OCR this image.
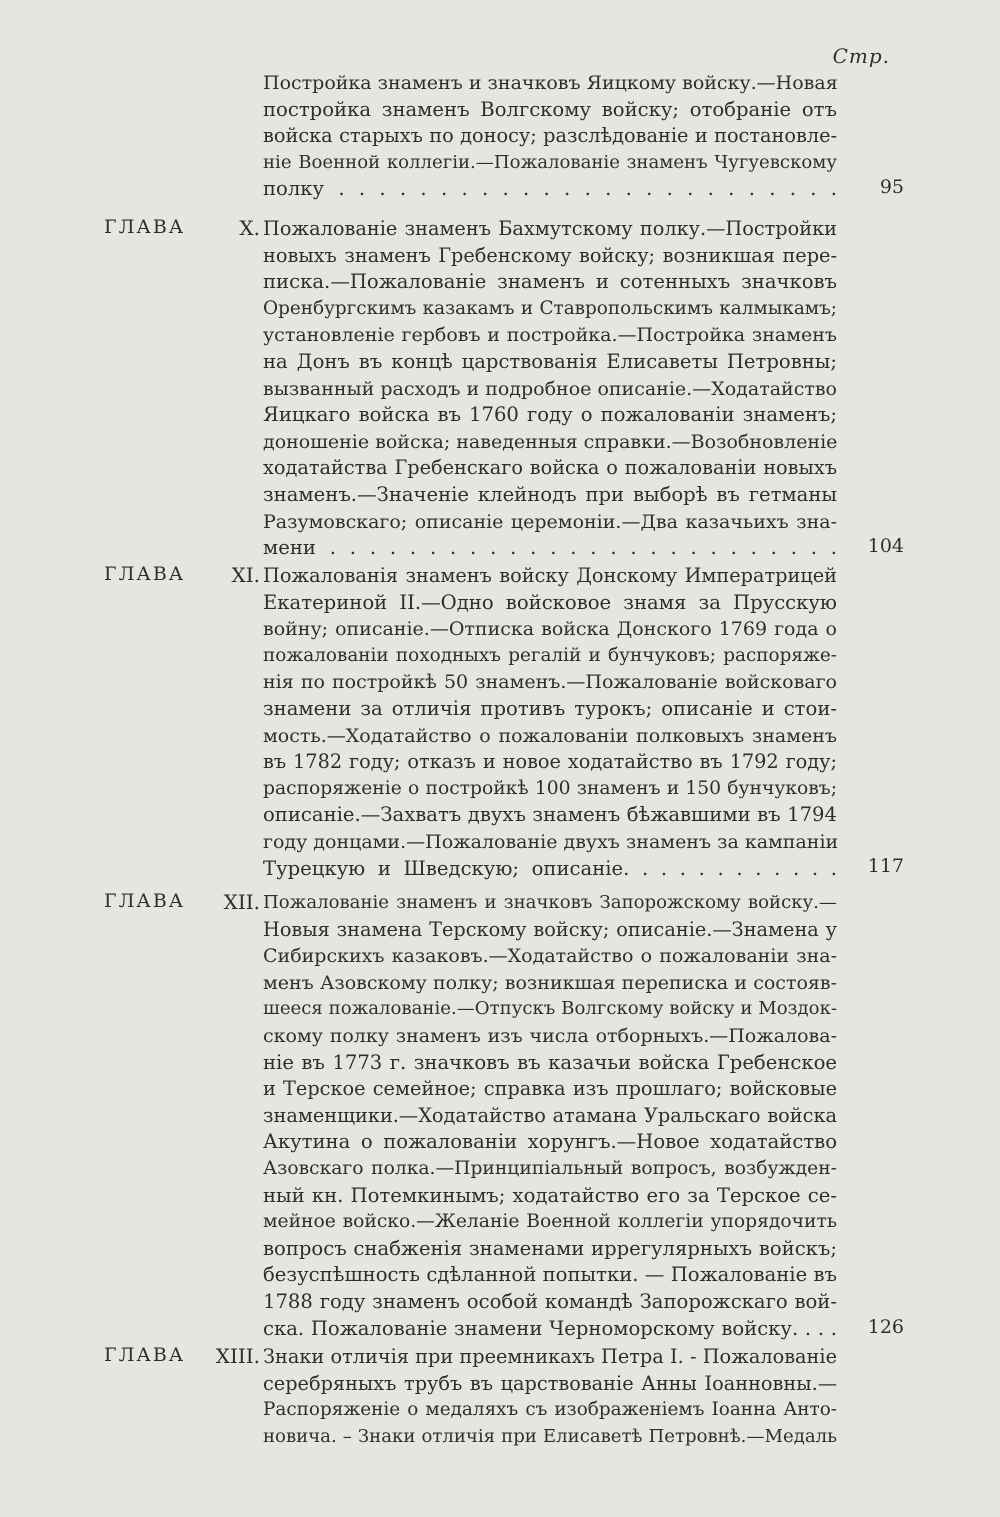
Стр.
Постройка знаменъ и значковъ Яицкому войску.—Новая
постройка знаменъ Волгскому войску; отобраніе отъ
войска старыхъ по доносу; разслѣдованіе и постановле-
ніе Военной коллегіи.—Пожалованіе знаменъ Чугуевскому
полку . . . . . . . . . . . . . . . . . . . . . . . . .	95
ГЛАВА	X. Пожалованіе знаменъ Бахмутскому полку.—Постройки
новыхъ знаменъ Гребенскому войску; возникшая пере-
писка.—Пожалованіе знаменъ и сотенныхъ значковъ
Оренбургскимъ казакамъ и Ставропольскимъ калмыкамъ;
установленіе гербовъ и постройка.—Постройка знаменъ
на Донъ въ концѣ царствованія Елисаветы Петровны;
вызванный расходъ и подробное описаніе.—Ходатайство
Яицкаго войска въ 1760 году о пожалованіи знаменъ;
доношеніе войска; наведенныя справки.—Возобновленіе
ходатайства Гребенскаго войска о пожалованіи новыхъ
знаменъ.—Значеніе клейнодъ при выборѣ въ гетманы
Разумовскаго; описаніе церемоніи.—Два казачьихъ зна-
мени . . . . . . . . . . . . . . . . . . . . . . . . . .	104
ГЛАВА	XI. Пожалованія знаменъ войску Донскому Императрицей
Екатериной II.—Одно войсковое знамя за Прусскую
войну; описаніе.—Отписка войска Донского 1769 года о
пожалованіи походныхъ регалій и бунчуковъ; распоряже-
нія по постройкѣ 50 знаменъ.—Пожалованіе войсковаго
знамени за отличія противъ турокъ; описаніе и стои-
мость.—Ходатайство о пожалованіи полковыхъ знаменъ
въ 1782 году; отказъ и новое ходатайство въ 1792 году;
распоряженіе о постройкѣ 100 знаменъ и 150 бунчуковъ;
описаніе.—Захватъ двухъ знаменъ бѣжавшими въ 1794
году донцами.—Пожалованіе двухъ знаменъ за кампаніи
Турецкую и Шведскую; описаніе. . . . . . . . . . . .	117
ГЛАВА	XII. Пожалованіе знаменъ и значковъ Запорожскому войску.—
Новыя знамена Терскому войску; описаніе.—Знамена у
Сибирскихъ казаковъ.—Ходатайство о пожалованіи зна-
менъ Азовскому полку; возникшая переписка и состояв-
шееся пожалованіе.—Отпускъ Волгскому войску и Моздок-
скому полку знаменъ изъ числа отборныхъ.—Пожалова-
ніе въ 1773 г. значковъ въ казачьи войска Гребенское
и Терское семейное; справка изъ прошлаго; войсковые
знаменщики.—Ходатайство атамана Уральскаго войска
Акутина о пожалованіи хорунгъ.—Новое ходатайство
Азовскаго полка.—Принципіальный вопросъ, возбужден-
ный кн. Потемкинымъ; ходатайство его за Терское се-
мейное войско.—Желаніе Военной коллегіи упорядочить
вопросъ снабженія знаменами иррегулярныхъ войскъ;
безуспѣшность сдѣланной попытки. — Пожалованіе въ
1788 году знаменъ особой командѣ Запорожскаго вой-
ска. Пожалованіе знамени Черноморскому войску. . . .	126
ГЛАВА	XIII. Знаки отличія при преемникахъ Петра I. - Пожалованіе
серебряныхъ трубъ въ царствованіе Анны Іоанновны.—
Распоряженіе о медаляхъ съ изображеніемъ Іоанна Анто-
новича. – Знаки отличія при Елисаветѣ Петровнѣ.—Медаль
